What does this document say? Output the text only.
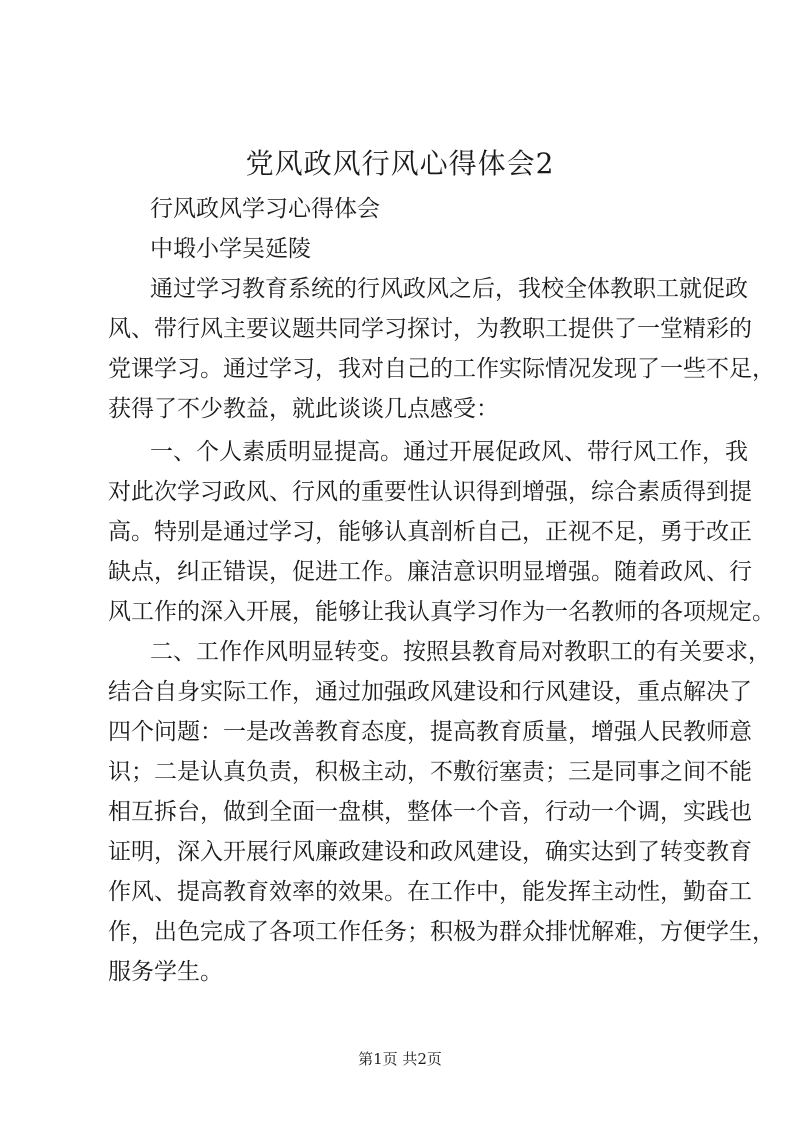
党风政风行风心得体会2
行风政风学习心得体会
中塅小学吴延陵
通过学习教育系统的行风政风之后，我校全体教职工就促政
风、带行风主要议题共同学习探讨，为教职工提供了一堂精彩的
党课学习。通过学习，我对自己的工作实际情况发现了一些不足，
获得了不少教益，就此谈谈几点感受：
一、个人素质明显提高。通过开展促政风、带行风工作，我
对此次学习政风、行风的重要性认识得到增强，综合素质得到提
高。特别是通过学习，能够认真剖析自己，正视不足，勇于改正
缺点，纠正错误，促进工作。廉洁意识明显增强。随着政风、行
风工作的深入开展，能够让我认真学习作为一名教师的各项规定。
二、工作作风明显转变。按照县教育局对教职工的有关要求，
结合自身实际工作，通过加强政风建设和行风建设，重点解决了
四个问题：一是改善教育态度，提高教育质量，增强人民教师意
识；二是认真负责，积极主动，不敷衍塞责；三是同事之间不能
相互拆台，做到全面一盘棋，整体一个音，行动一个调，实践也
证明，深入开展行风廉政建设和政风建设，确实达到了转变教育
作风、提高教育效率的效果。在工作中，能发挥主动性，勤奋工
作，出色完成了各项工作任务；积极为群众排忧解难，方便学生，
服务学生。
第1页 共2页
